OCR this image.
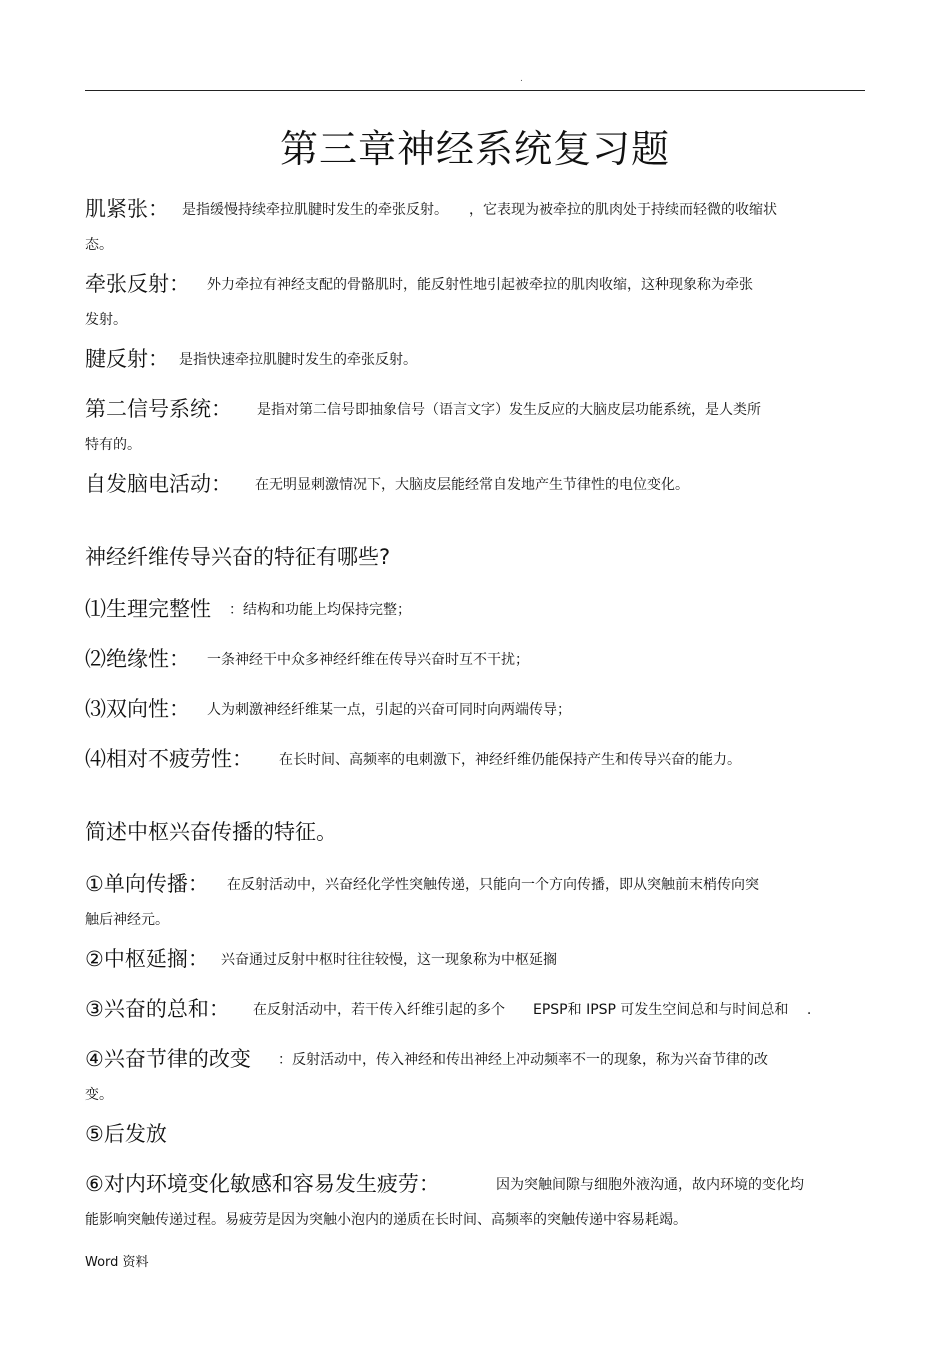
.
第三章神经系统复习题
肌紧张： 是指缓慢持续牵拉肌腱时发生的牵张反射。　　，它表现为被牵拉的肌肉处于持续而轻微的收缩状
态。
牵张反射： 外力牵拉有神经支配的骨骼肌时，能反射性地引起被牵拉的肌肉收缩，这种现象称为牵张
发射。
腱反射： 是指快速牵拉肌腱时发生的牵张反射。
第二信号系统： 是指对第二信号即抽象信号（语言文字）发生反应的大脑皮层功能系统，是人类所
特有的。
自发脑电活动： 在无明显刺激情况下，大脑皮层能经常自发地产生节律性的电位变化。
神经纤维传导兴奋的特征有哪些?
⑴生理完整性 ：结构和功能上均保持完整；
⑵绝缘性： 一条神经干中众多神经纤维在传导兴奋时互不干扰；
⑶双向性： 人为刺激神经纤维某一点，引起的兴奋可同时向两端传导；
⑷相对不疲劳性： 在长时间、高频率的电刺激下，神经纤维仍能保持产生和传导兴奋的能力。
简述中枢兴奋传播的特征。
①单向传播： 在反射活动中，兴奋经化学性突触传递，只能向一个方向传播，即从突触前末梢传向突
触后神经元。
②中枢延搁： 兴奋通过反射中枢时往往较慢，这一现象称为中枢延搁
③兴奋的总和： 在反射活动中，若干传入纤维引起的多个　　EPSP和 IPSP 可发生空间总和与时间总和　 .
④兴奋节律的改变 ：反射活动中，传入神经和传出神经上冲动频率不一的现象，称为兴奋节律的改
变。
⑤后发放
⑥对内环境变化敏感和容易发生疲劳：	因为突触间隙与细胞外液沟通，故内环境的变化均
能影响突触传递过程。易疲劳是因为突触小泡内的递质在长时间、高频率的突触传递中容易耗竭。
Word 资料
